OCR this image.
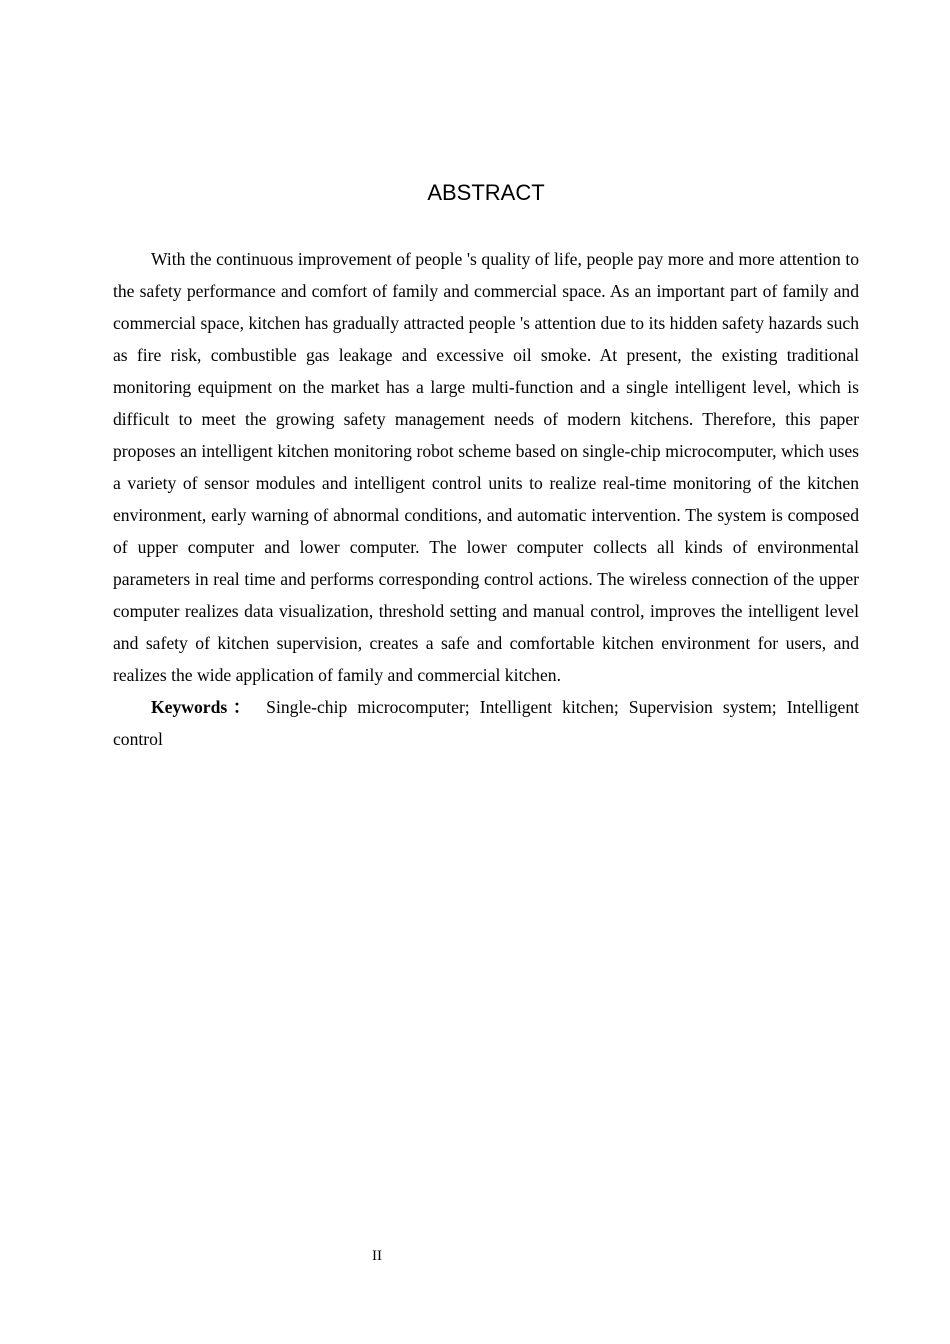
ABSTRACT

With the continuous improvement of people 's quality of life, people pay more and more attention to the safety performance and comfort of family and commercial space. As an important part of family and commercial space, kitchen has gradually attracted people 's attention due to its hidden safety hazards such as fire risk, combustible gas leakage and excessive oil smoke. At present, the existing traditional monitoring equipment on the market has a large multi-function and a single intelligent level, which is difficult to meet the growing safety management needs of modern kitchens. Therefore, this paper proposes an intelligent kitchen monitoring robot scheme based on single-chip microcomputer, which uses a variety of sensor modules and intelligent control units to realize real-time monitoring of the kitchen environment, early warning of abnormal conditions, and automatic intervention. The system is composed of upper computer and lower computer. The lower computer collects all kinds of environmental parameters in real time and performs corresponding control actions. The wireless connection of the upper computer realizes data visualization, threshold setting and manual control, improves the intelligent level and safety of kitchen supervision, creates a safe and comfortable kitchen environment for users, and realizes the wide application of family and commercial kitchen.

Keywords： Single-chip microcomputer; Intelligent kitchen; Supervision system; Intelligent control

II
